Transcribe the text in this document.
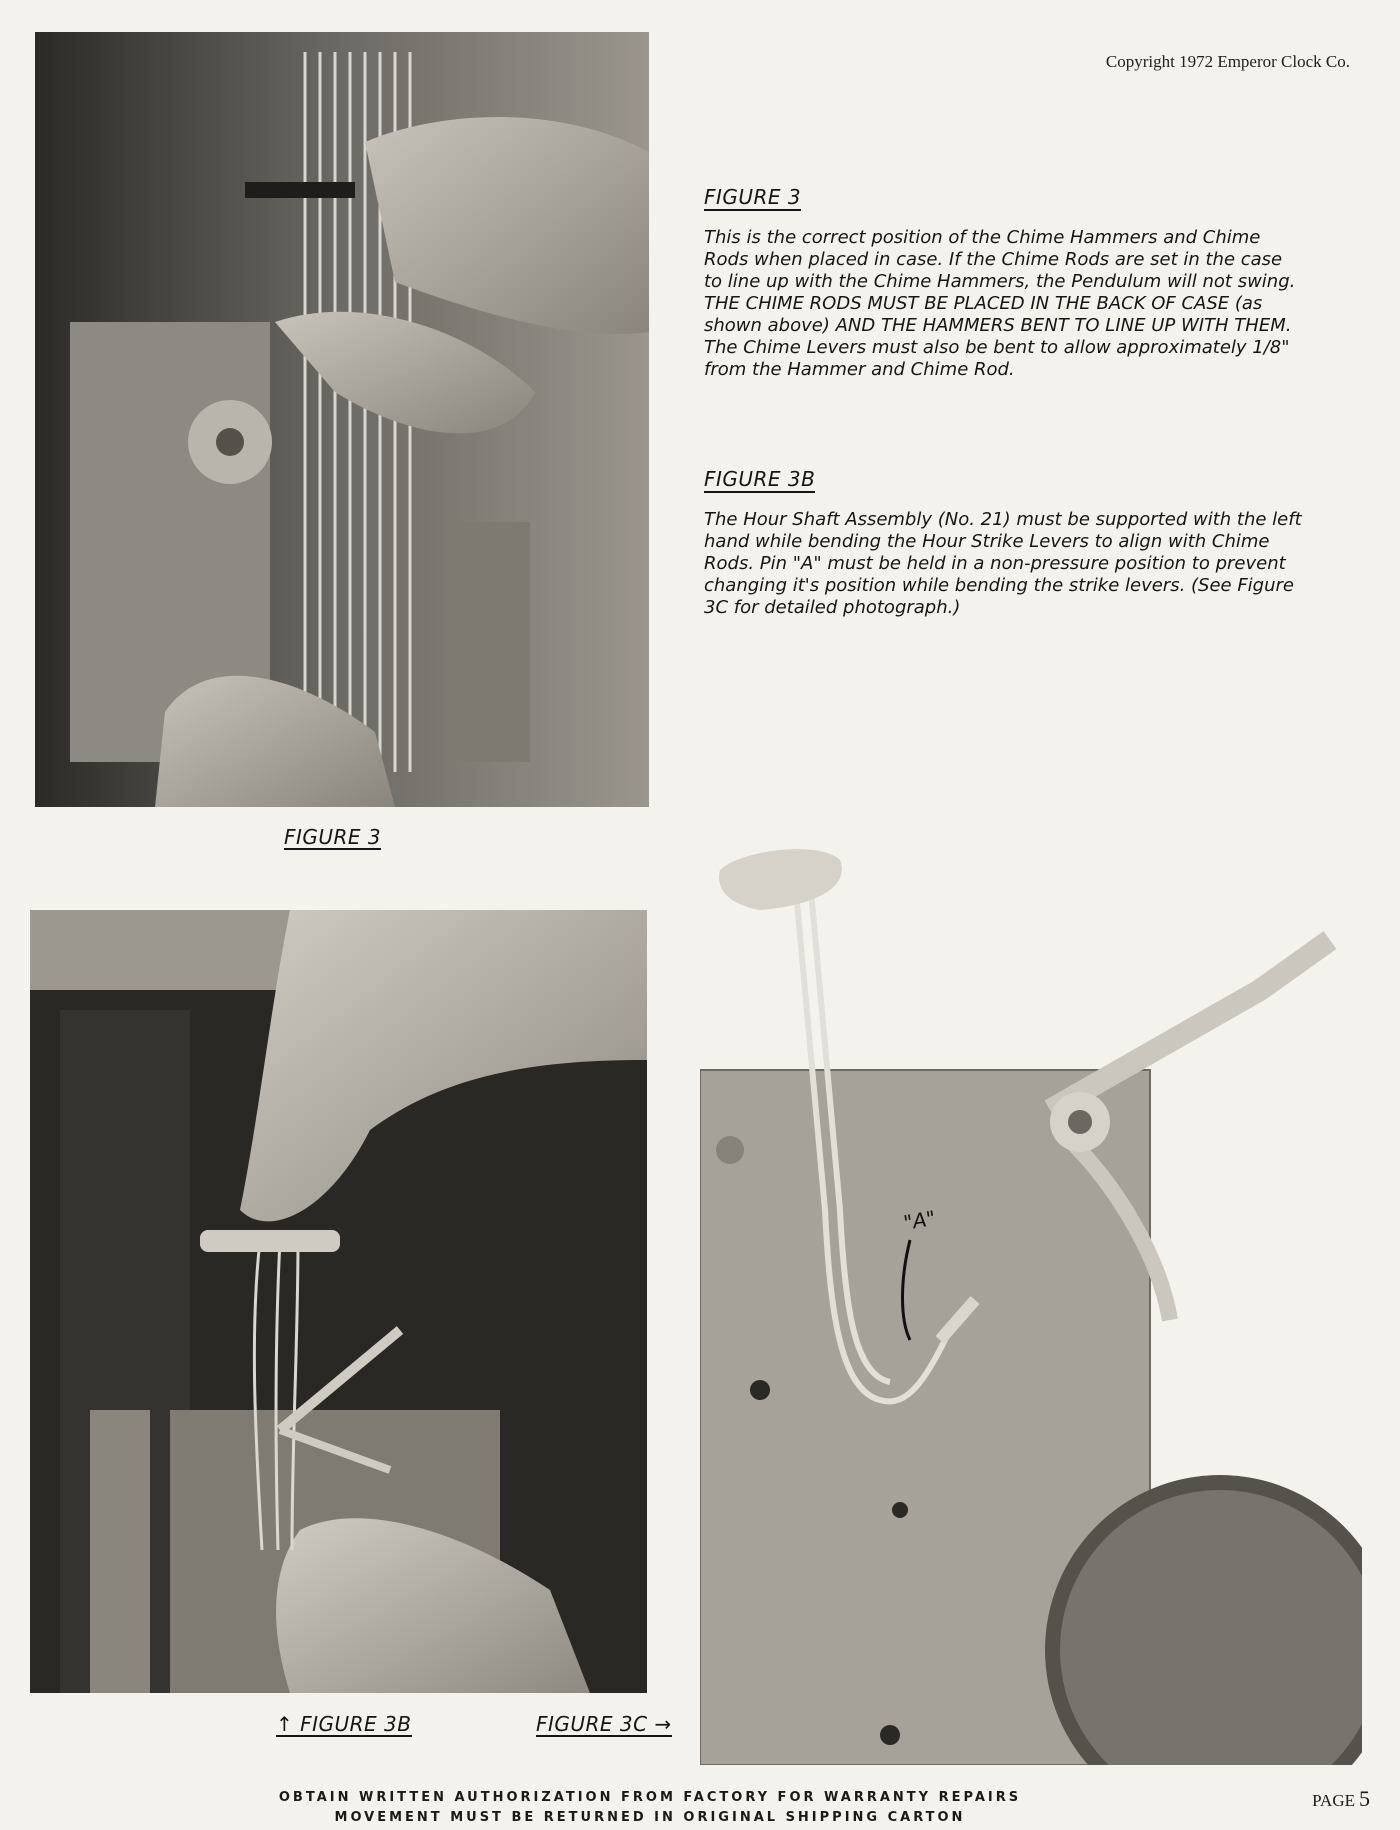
Copyright 1972 Emperor Clock Co.
FIGURE 3
FIGURE 3

This is the correct position of the Chime Hammers and Chime Rods when placed in case. If the Chime Rods are set in the case to line up with the Chime Hammers, the Pendulum will not swing. THE CHIME RODS MUST BE PLACED IN THE BACK OF CASE (as shown above) AND THE HAMMERS BENT TO LINE UP WITH THEM. The Chime Levers must also be bent to allow approximately 1/8" from the Hammer and Chime Rod.

FIGURE 3B

The Hour Shaft Assembly (No. 21) must be supported with the left hand while bending the Hour Strike Levers to align with Chime Rods. Pin "A" must be held in a non-pressure position to prevent changing it's position while bending the strike levers. (See Figure 3C for detailed photograph.)

↑ FIGURE 3B	FIGURE 3C →
"A"
OBTAIN WRITTEN AUTHORIZATION FROM FACTORY FOR WARRANTY REPAIRS
MOVEMENT MUST BE RETURNED IN ORIGINAL SHIPPING CARTON
PAGE 5
